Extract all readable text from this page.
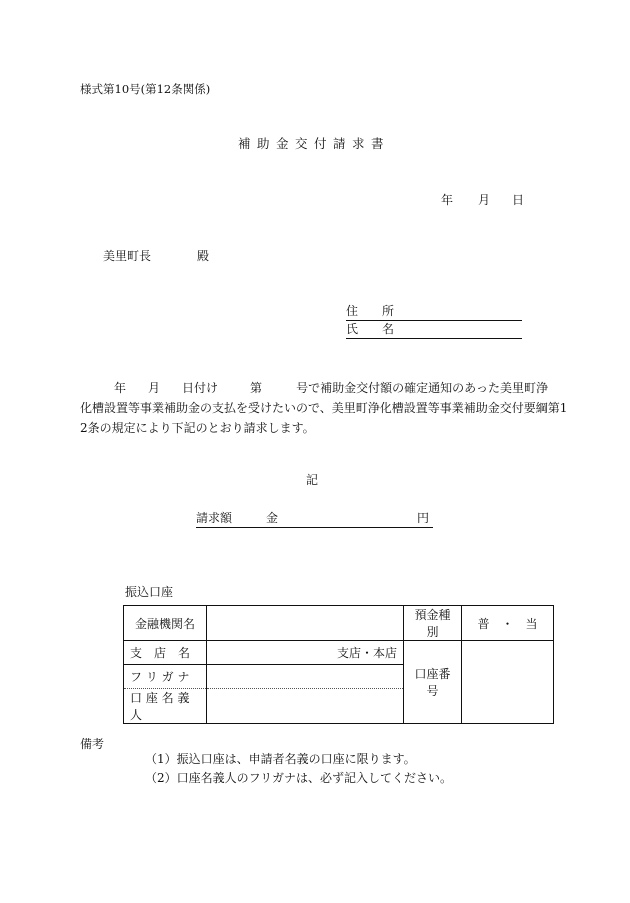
様式第10号(第12条関係)
補助金交付請求書
年 月 日
美里町長	殿
住 所
氏 名

年 月 日付け	第	号で補助金交付額の確定通知のあった美里町浄

化槽設置等事業補助金の支払を受けたいので、美里町浄化槽設置等事業補助金交付要綱第1

2条の規定により下記のとおり請求します。

記
請求額	金	円
振込口座
金融機関名		預金種別	普　・　当
支　店　名	支店・本店	口座番号	
フ リ ガ ナ			
口 座 名 義 人			
備考
（1）振込口座は、申請者名義の口座に限ります。
（2）口座名義人のフリガナは、必ず記入してください。
